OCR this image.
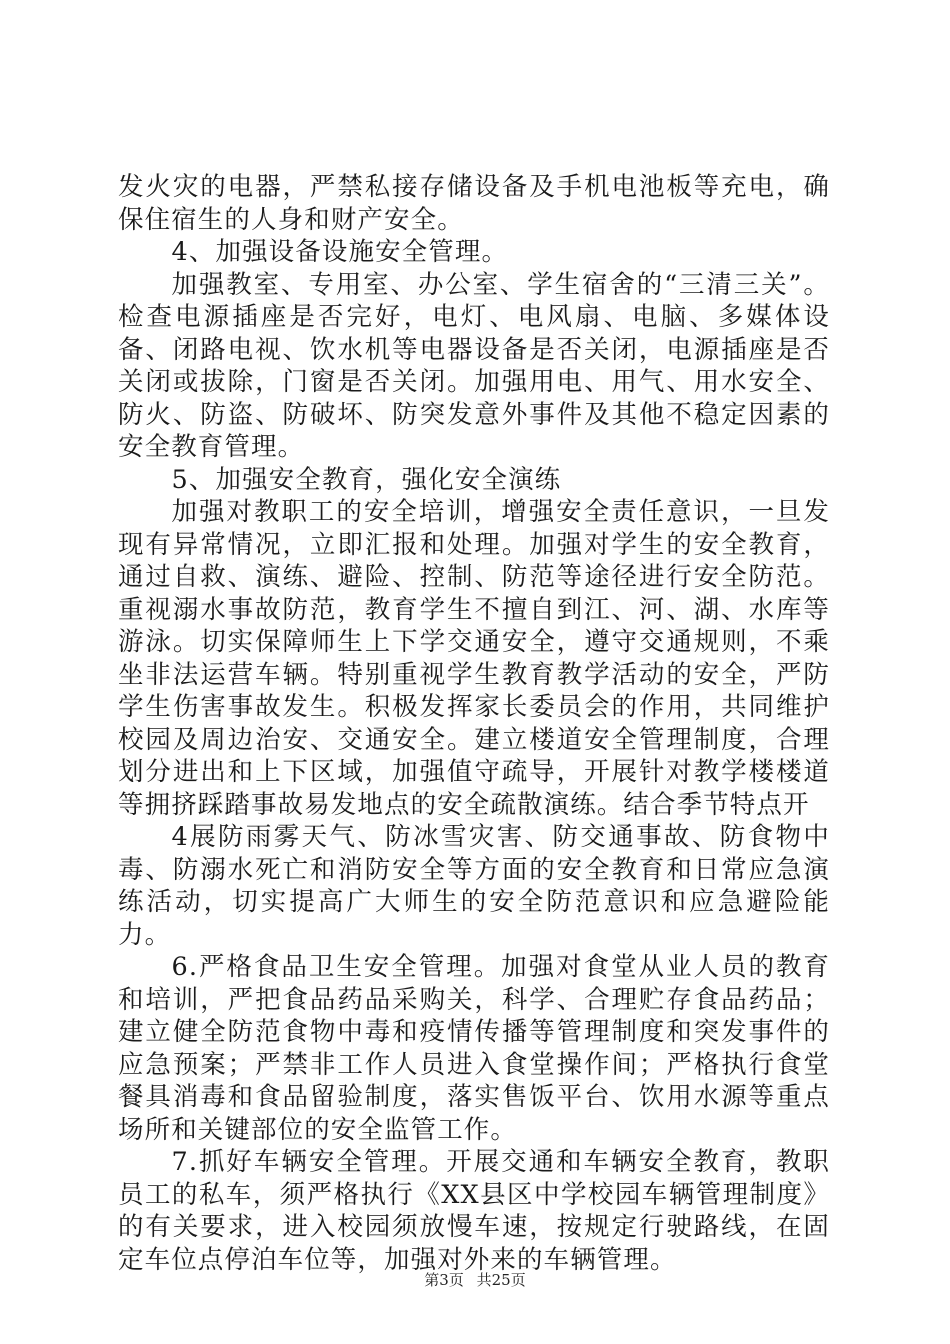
发火灾的电器，严禁私接存储设备及手机电池板等充电，确保住宿生的人身和财产安全。

4、加强设备设施安全管理。

加强教室、专用室、办公室、学生宿舍的“三清三关”。检查电源插座是否完好，电灯、电风扇、电脑、多媒体设备、闭路电视、饮水机等电器设备是否关闭，电源插座是否关闭或拔除，门窗是否关闭。加强用电、用气、用水安全、防火、防盗、防破坏、防突发意外事件及其他不稳定因素的安全教育管理。

5、加强安全教育，强化安全演练

加强对教职工的安全培训，增强安全责任意识，一旦发现有异常情况，立即汇报和处理。加强对学生的安全教育，通过自救、演练、避险、控制、防范等途径进行安全防范。重视溺水事故防范，教育学生不擅自到江、河、湖、水库等游泳。切实保障师生上下学交通安全，遵守交通规则，不乘坐非法运营车辆。特别重视学生教育教学活动的安全，严防学生伤害事故发生。积极发挥家长委员会的作用，共同维护校园及周边治安、交通安全。建立楼道安全管理制度，合理划分进出和上下区域，加强值守疏导，开展针对教学楼楼道等拥挤踩踏事故易发地点的安全疏散演练。结合季节特点开

4展防雨雾天气、防冰雪灾害、防交通事故、防食物中毒、防溺水死亡和消防安全等方面的安全教育和日常应急演练活动，切实提高广大师生的安全防范意识和应急避险能力。

6.严格食品卫生安全管理。加强对食堂从业人员的教育和培训，严把食品药品采购关，科学、合理贮存食品药品；建立健全防范食物中毒和疫情传播等管理制度和突发事件的应急预案；严禁非工作人员进入食堂操作间；严格执行食堂餐具消毒和食品留验制度，落实售饭平台、饮用水源等重点场所和关键部位的安全监管工作。

7.抓好车辆安全管理。开展交通和车辆安全教育，教职员工的私车，须严格执行《XX县区中学校园车辆管理制度》的有关要求，进入校园须放慢车速，按规定行驶路线，在固定车位点停泊车位等，加强对外来的车辆管理。

第3页 共25页
